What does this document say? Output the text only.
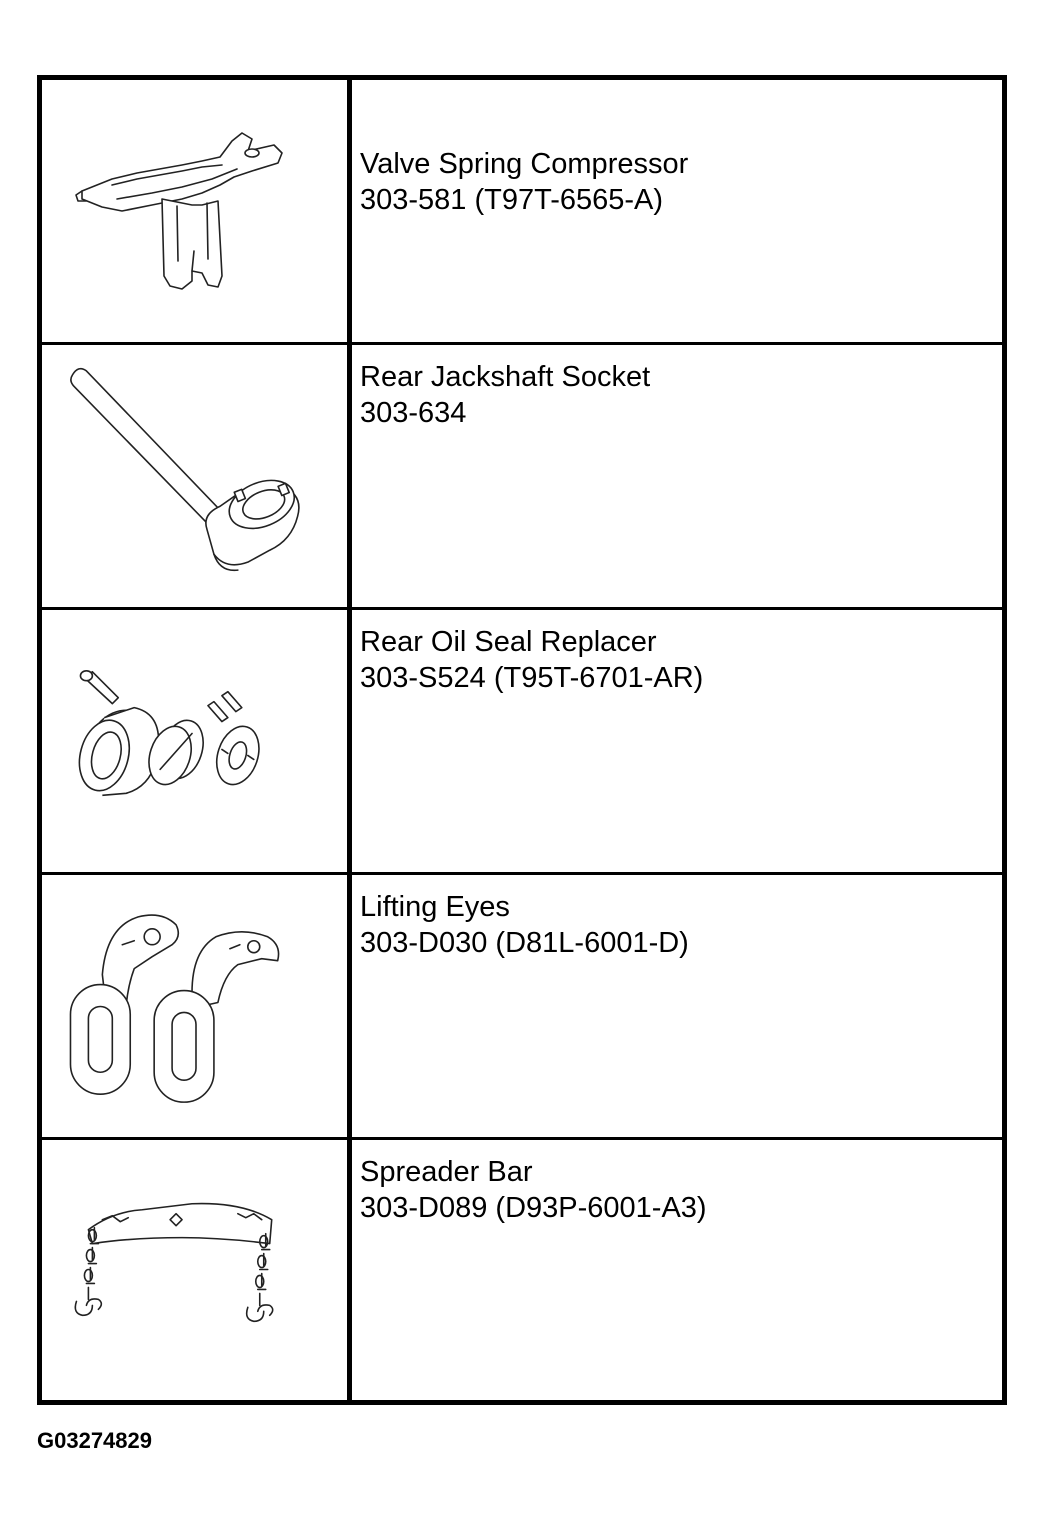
Valve Spring Compressor
303-581 (T97T-6565-A)
Rear Jackshaft Socket
303-634
Rear Oil Seal Replacer
303-S524 (T95T-6701-AR)
Lifting Eyes
303-D030 (D81L-6001-D)
Spreader Bar
303-D089 (D93P-6001-A3)
G03274829
